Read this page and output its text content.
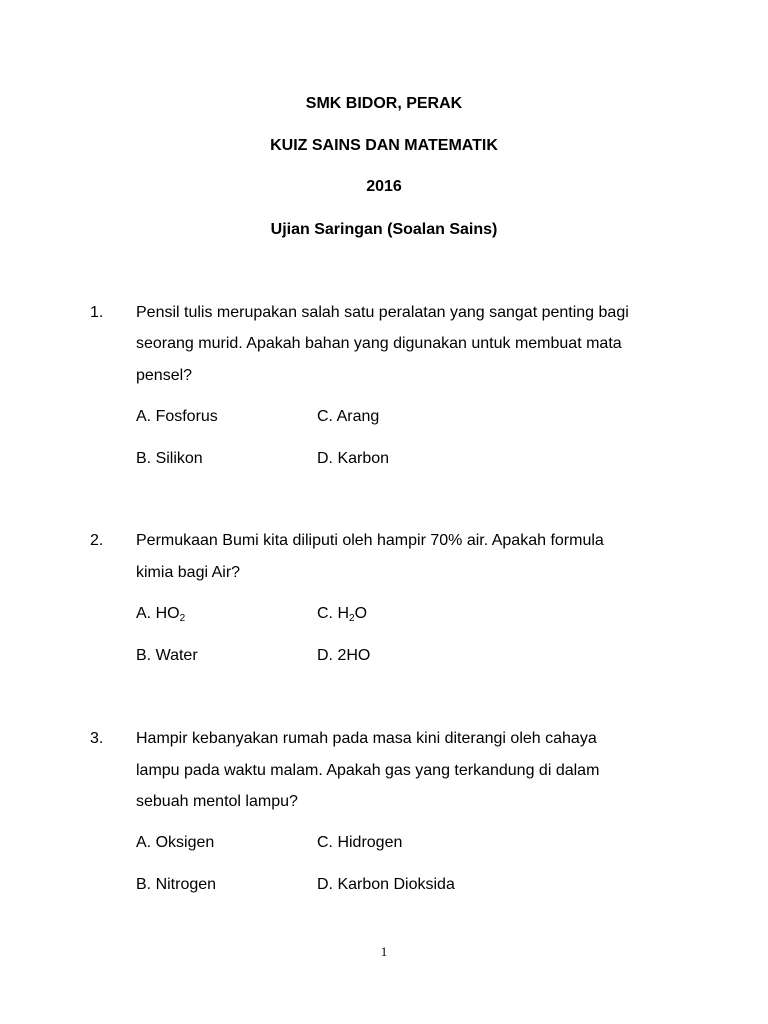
SMK BIDOR, PERAK
KUIZ SAINS DAN MATEMATIK
2016
Ujian Saringan (Soalan Sains)
1. Pensil tulis merupakan salah satu peralatan yang sangat penting bagi
seorang murid. Apakah bahan yang digunakan untuk membuat mata
pensel?
A. Fosforus	C. Arang
B. Silikon	D. Karbon
2. Permukaan Bumi kita diliputi oleh hampir 70% air. Apakah formula
kimia bagi Air?
A. $HO_2$	C. $H_2O$
B. Water	D. 2HO
3. Hampir kebanyakan rumah pada masa kini diterangi oleh cahaya
lampu pada waktu malam. Apakah gas yang terkandung di dalam
sebuah mentol lampu?
A. Oksigen	C. Hidrogen
B. Nitrogen	D. Karbon Dioksida
1
